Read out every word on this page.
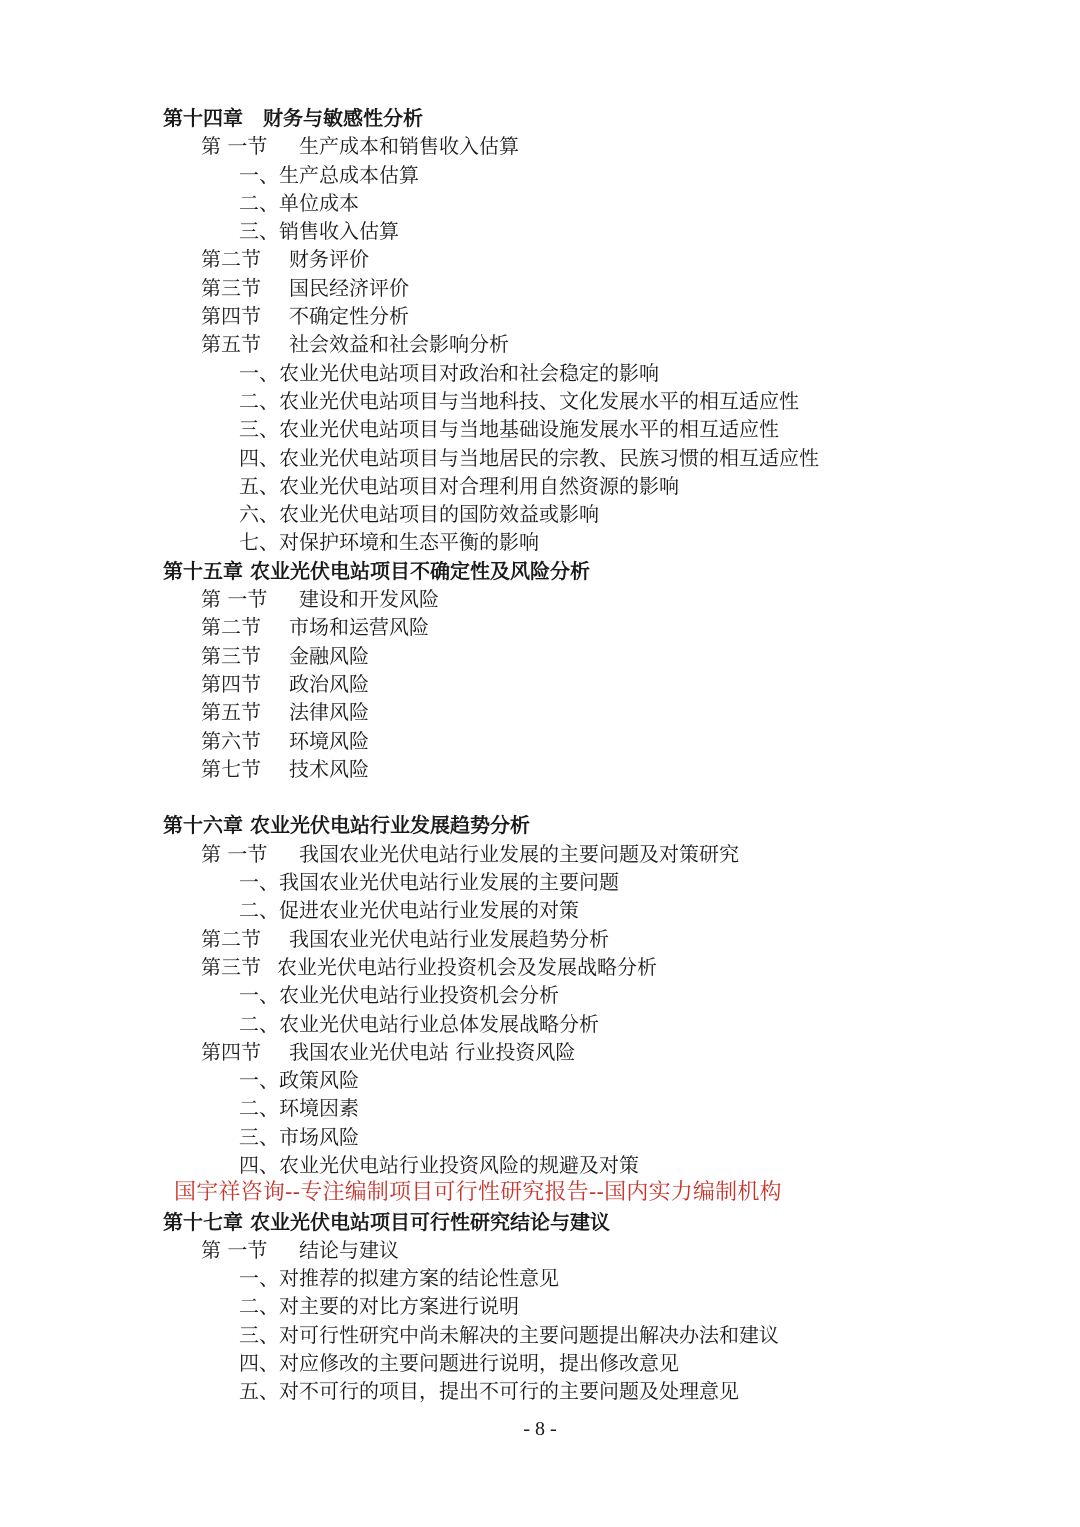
第十四章　财务与敏感性分析
第 一节 生产成本和销售收入估算
一、生产总成本估算
二、单位成本
三、销售收入估算
第二节 财务评价
第三节 国民经济评价
第四节 不确定性分析
第五节 社会效益和社会影响分析
一、农业光伏电站项目对政治和社会稳定的影响
二、农业光伏电站项目与当地科技、文化发展水平的相互适应性
三、农业光伏电站项目与当地基础设施发展水平的相互适应性
四、农业光伏电站项目与当地居民的宗教、民族习惯的相互适应性
五、农业光伏电站项目对合理利用自然资源的影响
六、农业光伏电站项目的国防效益或影响
七、对保护环境和生态平衡的影响
第十五章 农业光伏电站项目不确定性及风险分析
第 一节 建设和开发风险
第二节 市场和运营风险
第三节 金融风险
第四节 政治风险
第五节 法律风险
第六节 环境风险
第七节 技术风险
第十六章 农业光伏电站行业发展趋势分析
第 一节 我国农业光伏电站行业发展的主要问题及对策研究
一、我国农业光伏电站行业发展的主要问题
二、促进农业光伏电站行业发展的对策
第二节 我国农业光伏电站行业发展趋势分析
第三节 农业光伏电站行业投资机会及发展战略分析
一、农业光伏电站行业投资机会分析
二、农业光伏电站行业总体发展战略分析
第四节 我国农业光伏电站 行业投资风险
一、政策风险
二、环境因素
三、市场风险
四、农业光伏电站行业投资风险的规避及对策
国宇祥咨询--专注编制项目可行性研究报告--国内实力编制机构
第十七章 农业光伏电站项目可行性研究结论与建议
第 一节 结论与建议
一、对推荐的拟建方案的结论性意见
二、对主要的对比方案进行说明
三、对可行性研究中尚未解决的主要问题提出解决办法和建议
四、对应修改的主要问题进行说明，提出修改意见
五、对不可行的项目，提出不可行的主要问题及处理意见
- 8 -
